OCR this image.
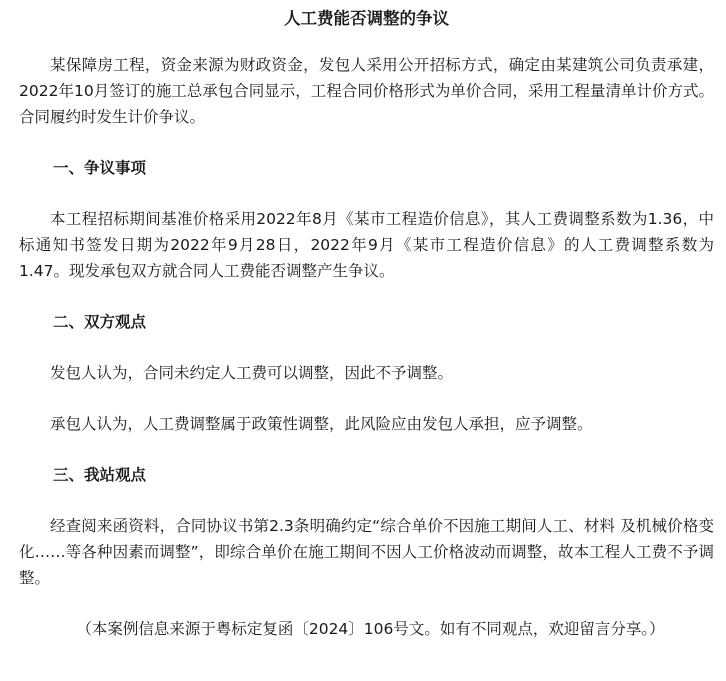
人工费能否调整的争议

某保障房工程，资金来源为财政资金，发包人采用公开招标方式，确定由某建筑公司负责承建，2022年10月签订的施工总承包合同显示，工程合同价格形式为单价合同，采用工程量清单计价方式。合同履约时发生计价争议。

一、争议事项

本工程招标期间基准价格采用2022年8月《某市工程造价信息》，其人工费调整系数为1.36，中标通知书签发日期为2022年9月28日，2022年9月《某市工程造价信息》的人工费调整系数为1.47。现发承包双方就合同人工费能否调整产生争议。

二、双方观点

发包人认为，合同未约定人工费可以调整，因此不予调整。

承包人认为，人工费调整属于政策性调整，此风险应由发包人承担，应予调整。

三、我站观点

经查阅来函资料，合同协议书第2.3条明确约定“综合单价不因施工期间人工、材料 及机械价格变化……等各种因素而调整”，即综合单价在施工期间不因人工价格波动而调整，故本工程人工费不予调整。

（本案例信息来源于粤标定复函〔2024〕106号文。如有不同观点，欢迎留言分享。）
